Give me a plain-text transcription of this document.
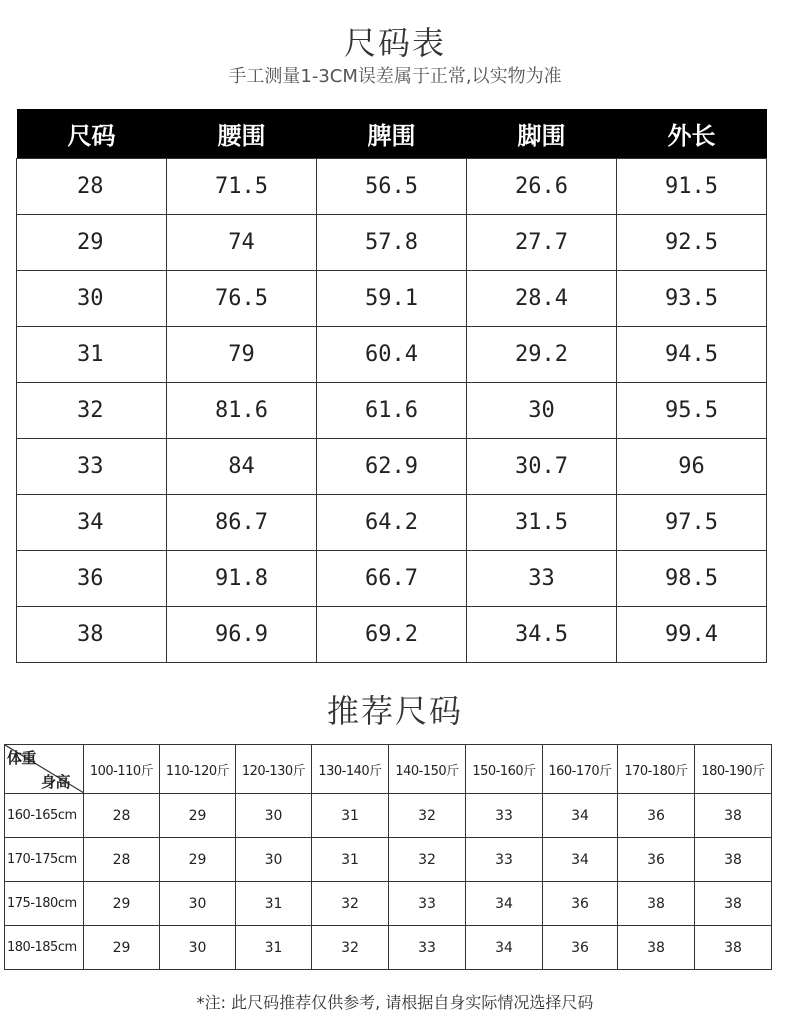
尺码表
手工测量1-3CM误差属于正常,以实物为准
尺码	腰围	脾围	脚围	外长
28	71.5	56.5	26.6	91.5
29	74	57.8	27.7	92.5
30	76.5	59.1	28.4	93.5
31	79	60.4	29.2	94.5
32	81.6	61.6	30	95.5
33	84	62.9	30.7	96
34	86.7	64.2	31.5	97.5
36	91.8	66.7	33	98.5
38	96.9	69.2	34.5	99.4
推荐尺码
体重
身高	100-110斤	110-120斤	120-130斤	130-140斤	140-150斤	150-160斤	160-170斤	170-180斤	180-190斤
160-165cm	28	29	30	31	32	33	34	36	38
170-175cm	28	29	30	31	32	33	34	36	38
175-180cm	29	30	31	32	33	34	36	38	38
180-185cm	29	30	31	32	33	34	36	38	38
*注: 此尺码推荐仅供参考, 请根据自身实际情况选择尺码
